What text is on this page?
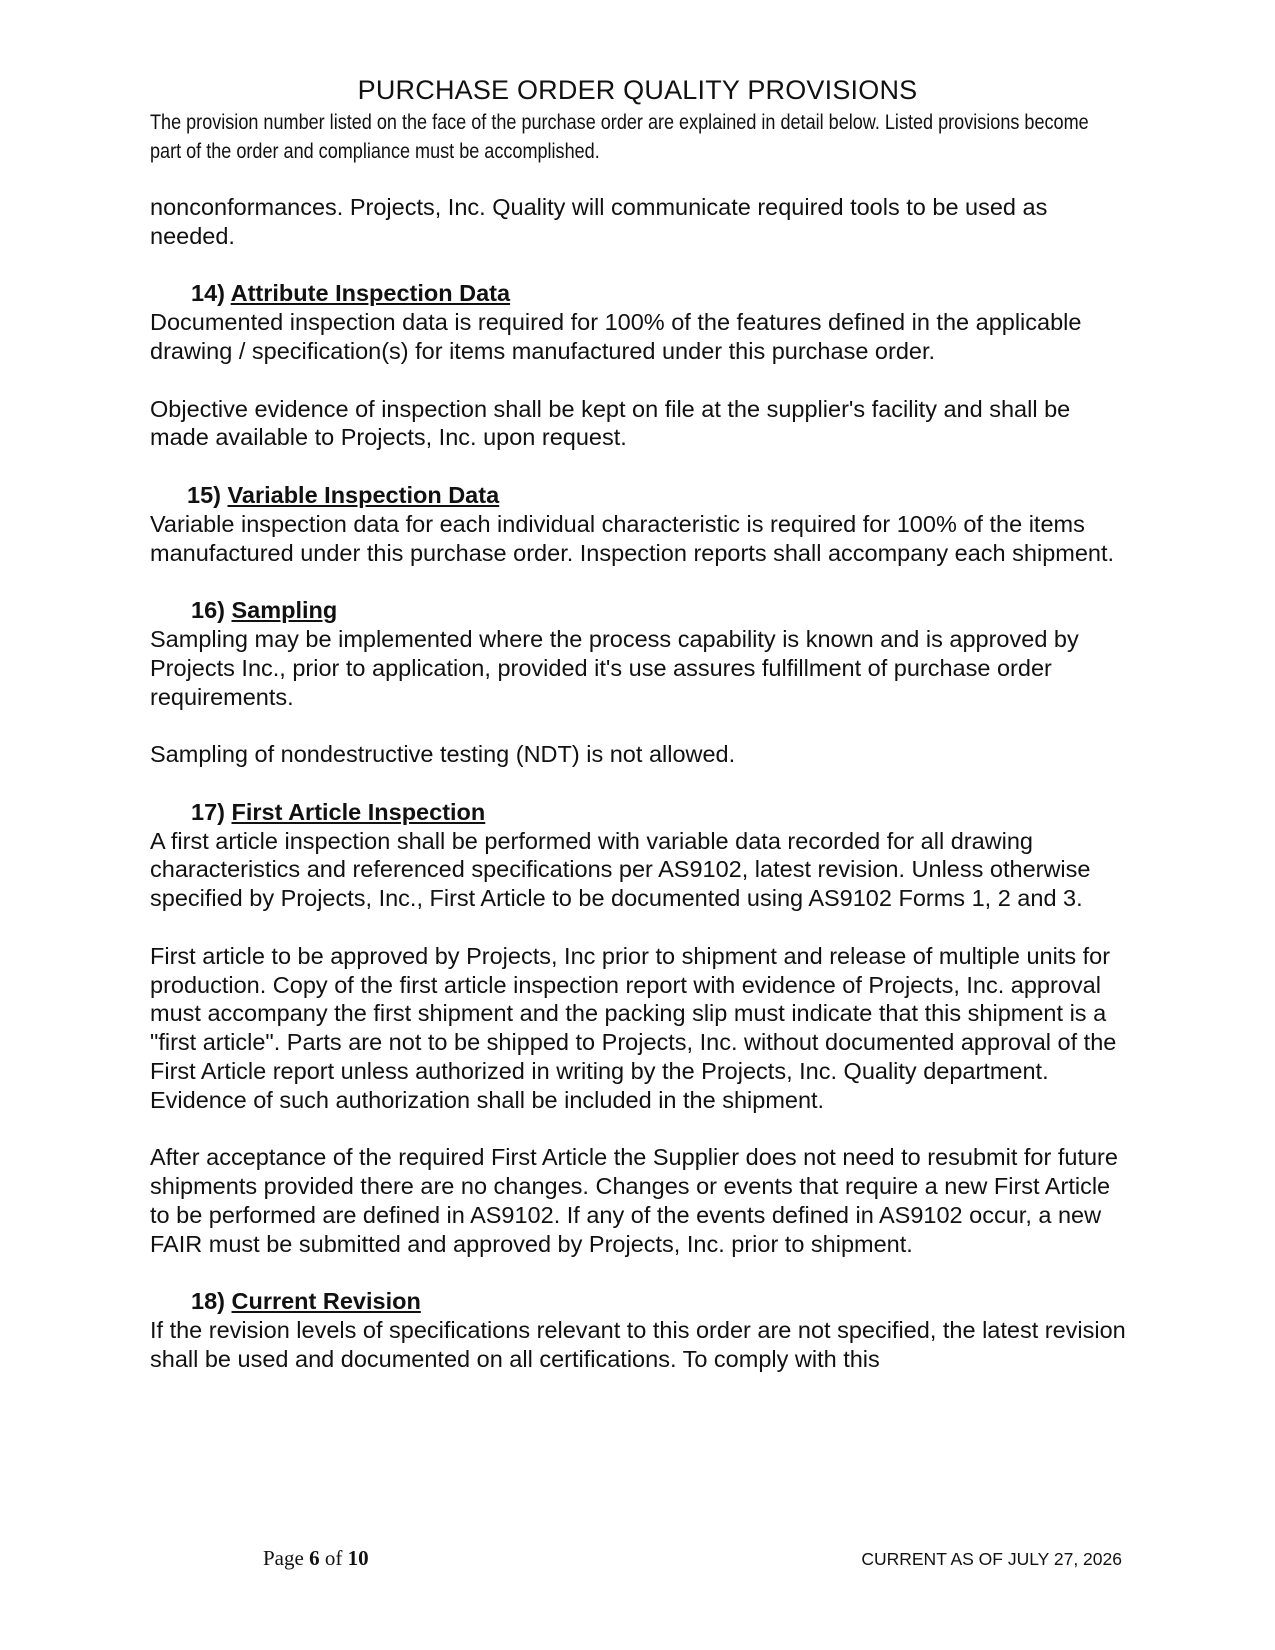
PURCHASE ORDER QUALITY PROVISIONS
The provision number listed on the face of the purchase order are explained in detail below. Listed provisions become part of the order and compliance must be accomplished.

nonconformances. Projects, Inc. Quality will communicate required tools to be used as needed.

14) Attribute Inspection Data

Documented inspection data is required for 100% of the features defined in the applicable drawing / specification(s) for items manufactured under this purchase order.

Objective evidence of inspection shall be kept on file at the supplier's facility and shall be made available to Projects, Inc. upon request.

15) Variable Inspection Data

Variable inspection data for each individual characteristic is required for 100% of the items manufactured under this purchase order. Inspection reports shall accompany each shipment.

16) Sampling

Sampling may be implemented where the process capability is known and is approved by Projects Inc., prior to application, provided it's use assures fulfillment of purchase order requirements.

Sampling of nondestructive testing (NDT) is not allowed.

17) First Article Inspection

A first article inspection shall be performed with variable data recorded for all drawing characteristics and referenced specifications per AS9102, latest revision. Unless otherwise specified by Projects, Inc., First Article to be documented using AS9102 Forms 1, 2 and 3.

First article to be approved by Projects, Inc prior to shipment and release of multiple units for production. Copy of the first article inspection report with evidence of Projects, Inc. approval must accompany the first shipment and the packing slip must indicate that this shipment is a "first article". Parts are not to be shipped to Projects, Inc. without documented approval of the First Article report unless authorized in writing by the Projects, Inc. Quality department. Evidence of such authorization shall be included in the shipment.

After acceptance of the required First Article the Supplier does not need to resubmit for future shipments provided there are no changes. Changes or events that require a new First Article to be performed are defined in AS9102. If any of the events defined in AS9102 occur, a new FAIR must be submitted and approved by Projects, Inc. prior to shipment.

18) Current Revision

If the revision levels of specifications relevant to this order are not specified, the latest revision shall be used and documented on all certifications. To comply with this

Page 6 of 10	CURRENT AS OF JULY 27, 2026
